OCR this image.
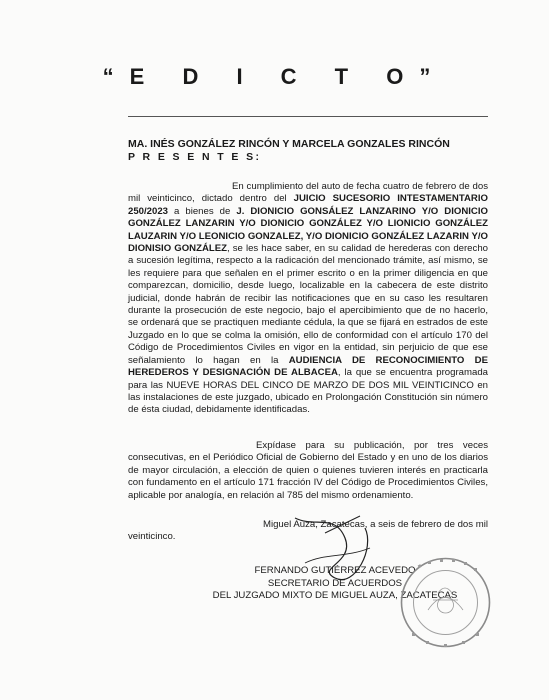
“E D I C T O”
MA. INÉS GONZÁLEZ RINCÓN Y MARCELA GONZALES RINCÓN
P R E S E N T E S:

En cumplimiento del auto de fecha cuatro de febrero de dos mil veinticinco, dictado dentro del JUICIO SUCESORIO INTESTAMENTARIO 250/2023 a bienes de J. DIONICIO GONSÁLEZ LANZARINO Y/O DIONICIO GONZÁLEZ LANZARIN Y/O DIONICIO GONZÁLEZ Y/O LIONICIO GONZÁLEZ LAUZARIN Y/O LEONICIO GONZALEZ, Y/O DIONICIO GONZÁLEZ LAZARIN Y/O DIONISIO GONZÁLEZ, se les hace saber, en su calidad de herederas con derecho a sucesión legítima, respecto a la radicación del mencionado trámite, así mismo, se les requiere para que señalen en el primer escrito o en la primer diligencia en que comparezcan, domicilio, desde luego, localizable en la cabecera de este distrito judicial, donde habrán de recibir las notificaciones que en su caso les resultaren durante la prosecución de este negocio, bajo el apercibimiento que de no hacerlo, se ordenará que se practiquen mediante cédula, la que se fijará en estrados de este Juzgado en lo que se colma la omisión, ello de conformidad con el artículo 170 del Código de Procedimientos Civiles en vigor en la entidad, sin perjuicio de que ese señalamiento lo hagan en la AUDIENCIA DE RECONOCIMIENTO DE HEREDEROS Y DESIGNACIÓN DE ALBACEA, la que se encuentra programada para las NUEVE HORAS DEL CINCO DE MARZO DE DOS MIL VEINTICINCO en las instalaciones de este juzgado, ubicado en Prolongación Constitución sin número de ésta ciudad, debidamente identificadas.

Expídase para su publicación, por tres veces consecutivas, en el Periódico Oficial de Gobierno del Estado y en uno de los diarios de mayor circulación, a elección de quien o quienes tuvieren interés en practicarla con fundamento en el artículo 171 fracción IV del Código de Procedimientos Civiles, aplicable por analogía, en relación al 785 del mismo ordenamiento.

Miguel Auza, Zacatecas, a seis de febrero de dos mil
veinticinco.
FERNANDO GUTIÉRREZ ACEVEDO
SECRETARIO DE ACUERDOS
DEL JUZGADO MIXTO DE MIGUEL AUZA, ZACATECAS
